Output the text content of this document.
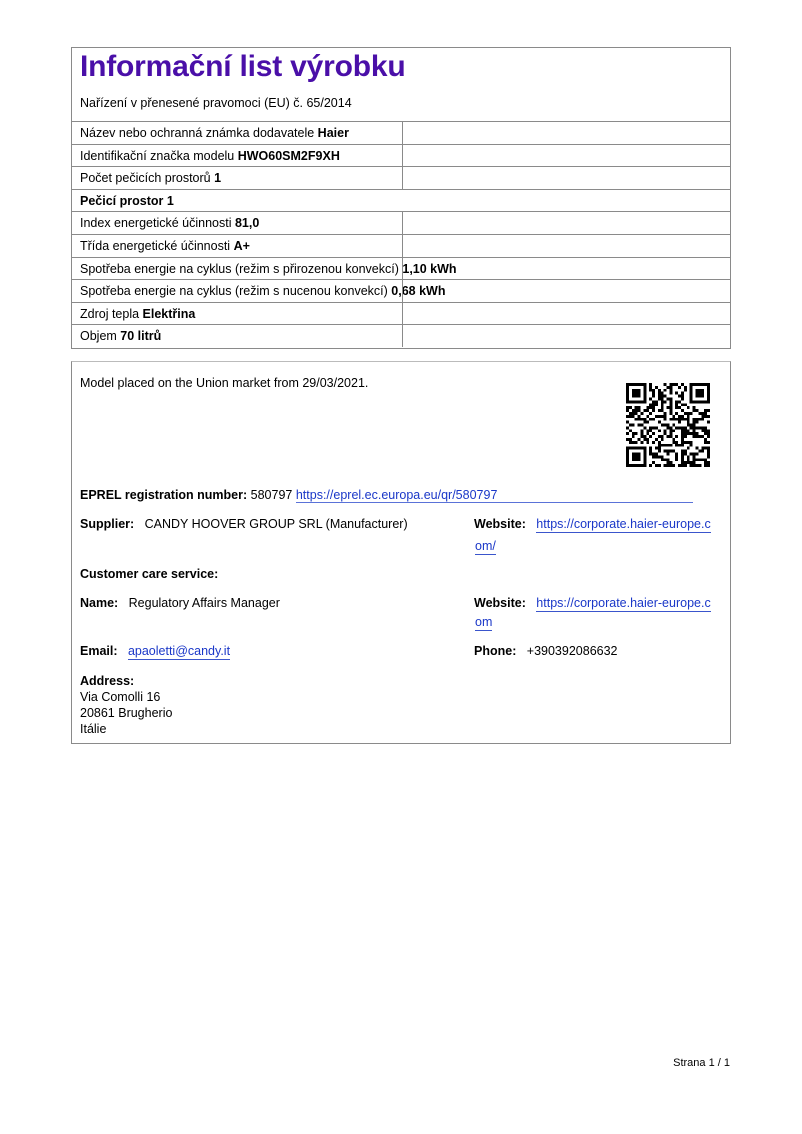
Informační list výrobku
Nařízení v přenesené pravomoci (EU) č. 65/2014
Název nebo ochranná známka dodavatele Haier
Identifikační značka modelu HWO60SM2F9XH
Počet pečicích prostorů 1
Pečicí prostor 1
Index energetické účinnosti 81,0
Třída energetické účinnosti A+
Spotřeba energie na cyklus (režim s přirozenou konvekcí) 1,10 kWh
Spotřeba energie na cyklus (režim s nucenou konvekcí) 0,68 kWh
Zdroj tepla Elektřina
Objem 70 litrů
Model placed on the Union market from 29/03/2021.
EPREL registration number: 580797 https://eprel.ec.europa.eu/qr/580797
Supplier: CANDY HOOVER GROUP SRL (Manufacturer)	Website: https://corporate.haier-europe.c
om/
Customer care service:
Name: Regulatory Affairs Manager	Website: https://corporate.haier-europe.c
om
Email: apaoletti@candy.it	Phone: +390392086632
Address:
Via Comolli 16
20861 Brugherio
Itálie
Strana 1 / 1
